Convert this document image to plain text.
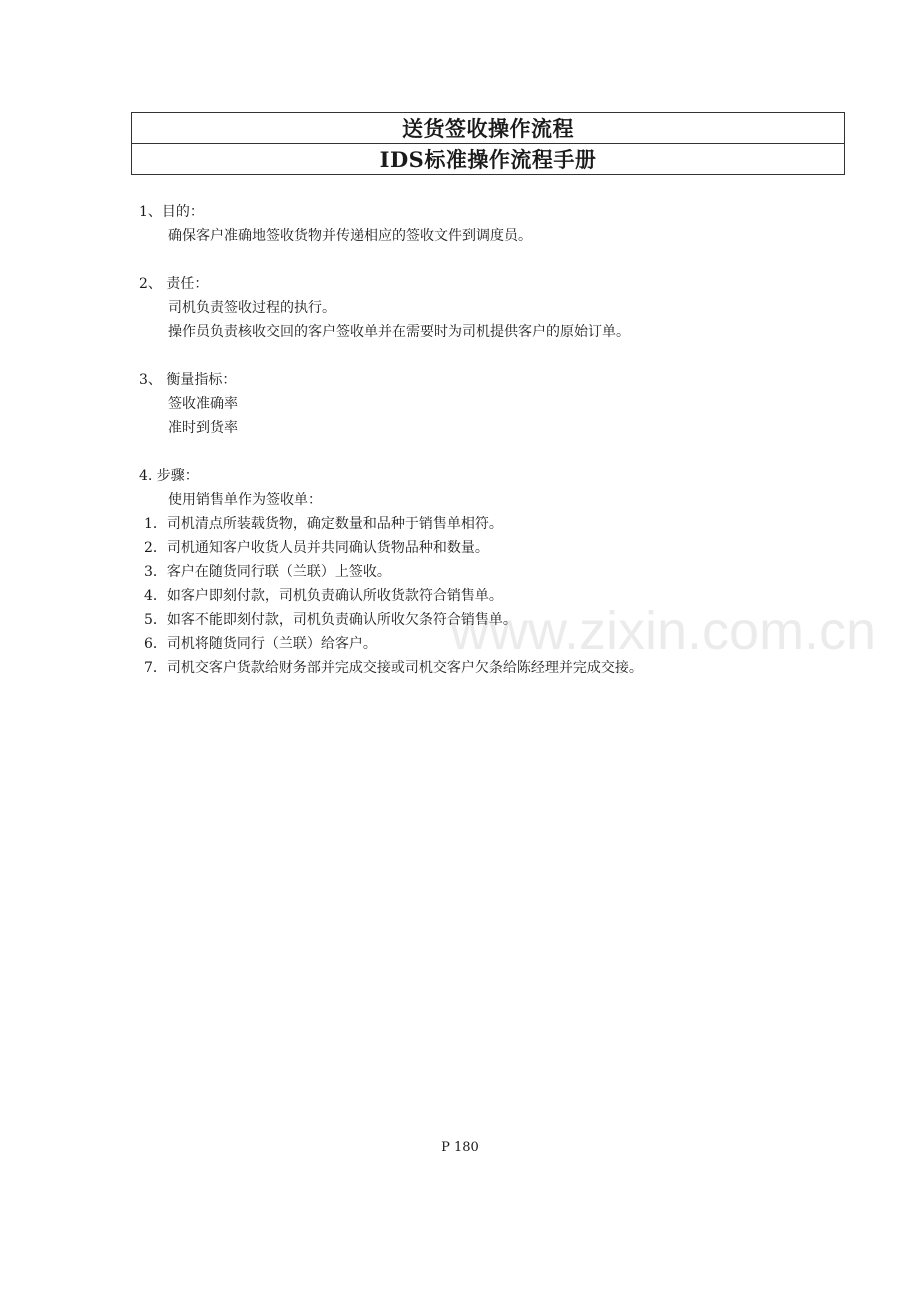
送货签收操作流程
IDS标准操作流程手册
1、目的：
确保客户准确地签收货物并传递相应的签收文件到调度员。
2、 责任：
司机负责签收过程的执行。
操作员负责核收交回的客户签收单并在需要时为司机提供客户的原始订单。
3、 衡量指标：
签收准确率
准时到货率
4. 步骤：
使用销售单作为签收单：
1．司机清点所装载货物，确定数量和品种于销售单相符。
2．司机通知客户收货人员并共同确认货物品种和数量。
3．客户在随货同行联（兰联）上签收。
4．如客户即刻付款，司机负责确认所收货款符合销售单。
5．如客不能即刻付款，司机负责确认所收欠条符合销售单。
6．司机将随货同行（兰联）给客户。
7．司机交客户货款给财务部并完成交接或司机交客户欠条给陈经理并完成交接。
www.zixin.com.cn
P 180
